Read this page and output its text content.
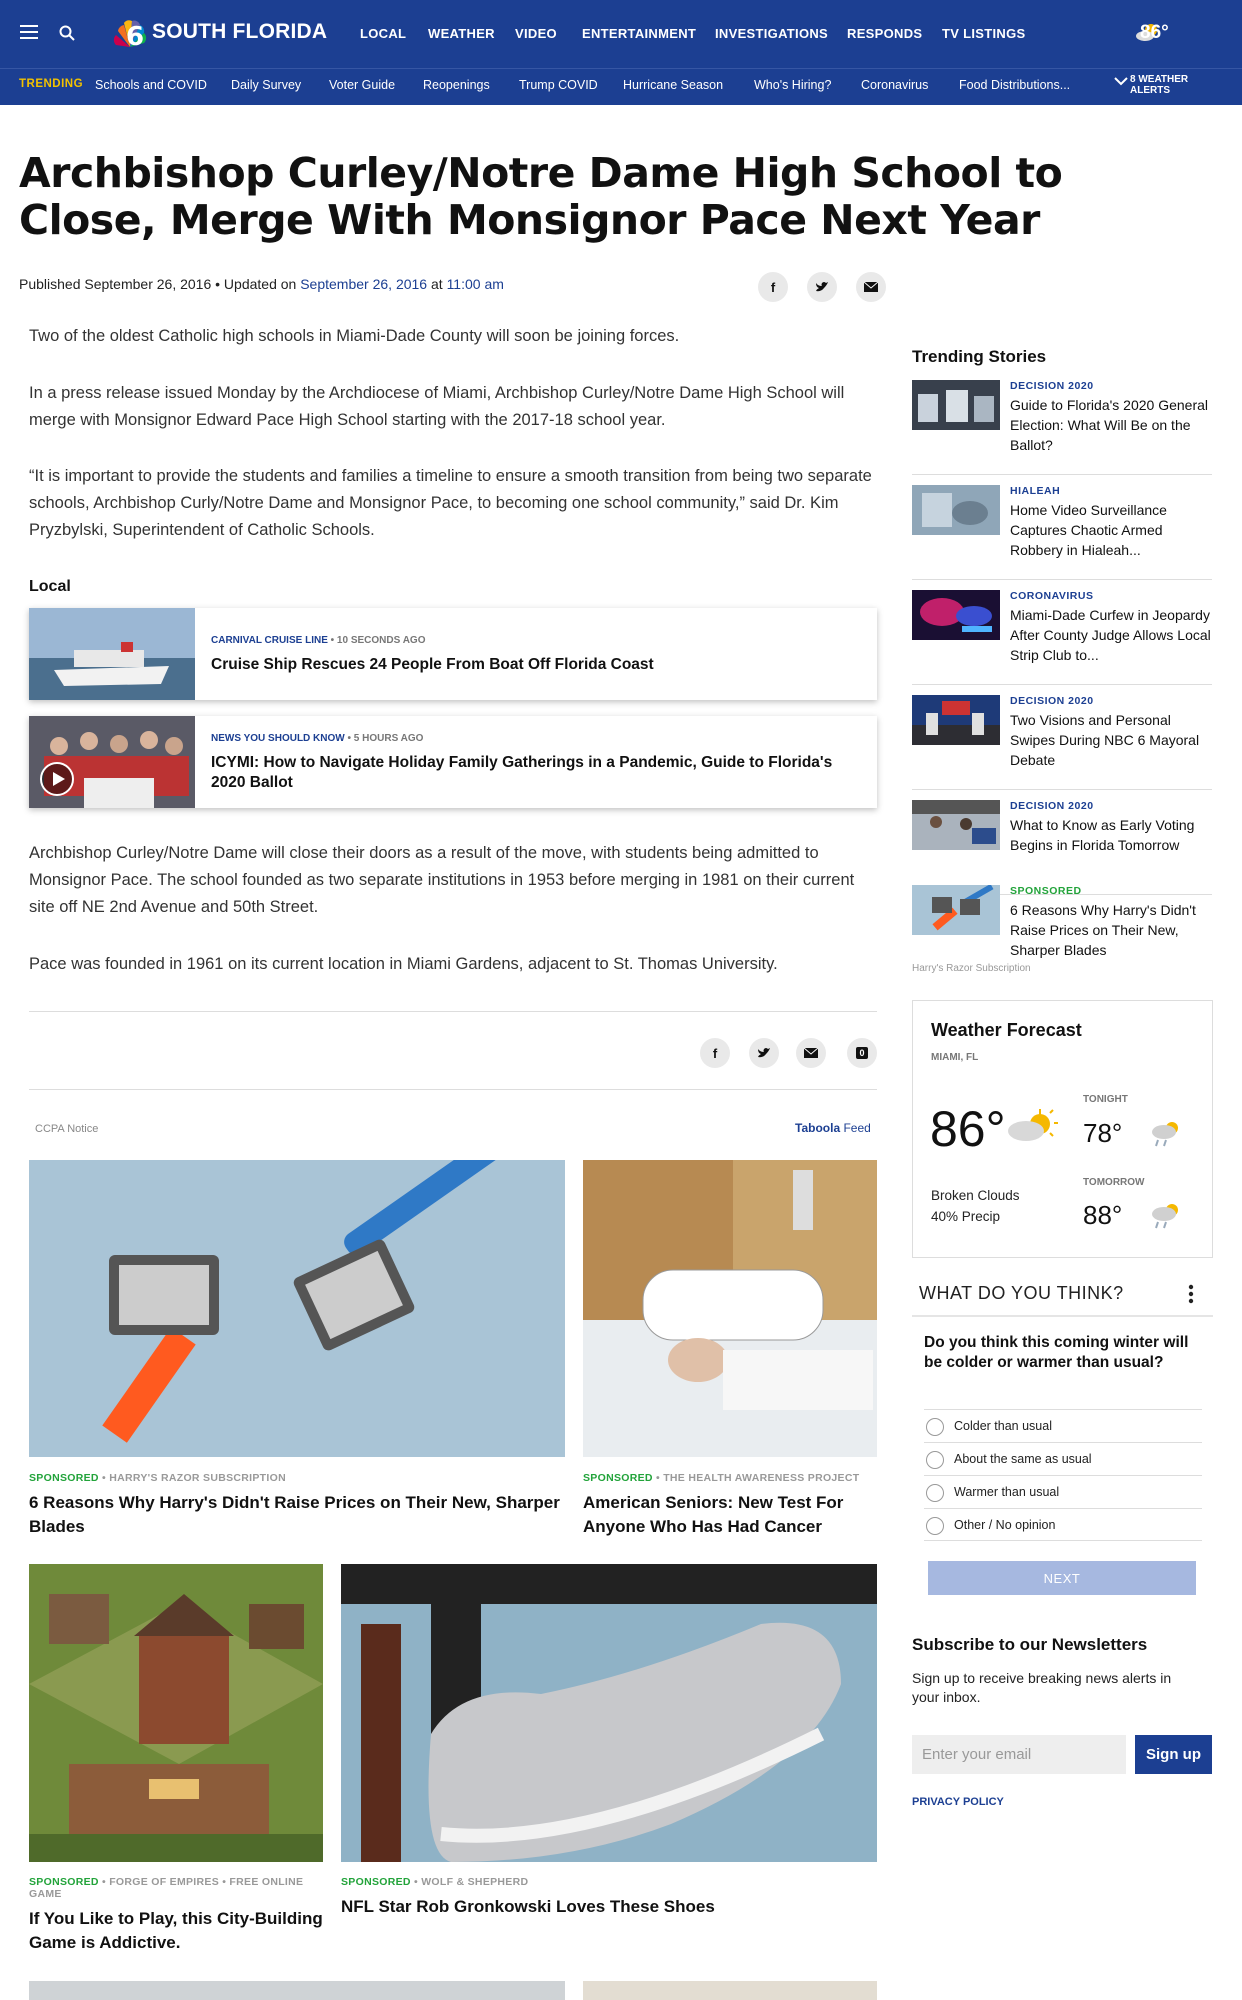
6 SOUTH FLORIDA	LOCAL WEATHER VIDEO ENTERTAINMENT INVESTIGATIONS RESPONDS TV LISTINGS	86°
TRENDING Schools and COVID Daily Survey Voter Guide Reopenings Trump COVID Hurricane Season Who's Hiring? Coronavirus Food Distributions...	8 WEATHER
ALERTS
Archbishop Curley/Notre Dame High School to Close, Merge With Monsignor Pace Next Year
Published September 26, 2016 • Updated on September 26, 2016 at 11:00 am	f

Two of the oldest Catholic high schools in Miami-Dade County will soon be joining forces.

In a press release issued Monday by the Archdiocese of Miami, Archbishop Curley/Notre Dame High School will merge with Monsignor Edward Pace High School starting with the 2017-18 school year.

“It is important to provide the students and families a timeline to ensure a smooth transition from being two separate schools, Archbishop Curly/Notre Dame and Monsignor Pace, to becoming one school community,” said Dr. Kim Pryzbylski, Superintendent of Catholic Schools.

Local
CARNIVAL CRUISE LINE • 10 SECONDS AGO
Cruise Ship Rescues 24 People From Boat Off Florida Coast
NEWS YOU SHOULD KNOW • 5 HOURS AGO
ICYMI: How to Navigate Holiday Family Gatherings in a Pandemic, Guide to Florida's 2020 Ballot

Archbishop Curley/Notre Dame will close their doors as a result of the move, with students being admitted to Monsignor Pace. The school founded as two separate institutions in 1953 before merging in 1981 on their current site off NE 2nd Avenue and 50th Street.

Pace was founded in 1961 on its current location in Miami Gardens, adjacent to St. Thomas University.

f	0
CCPA Notice	Taboola Feed
SPONSORED • HARRY'S RAZOR SUBSCRIPTION
6 Reasons Why Harry's Didn't Raise Prices on Their New, Sharper Blades
SPONSORED • THE HEALTH AWARENESS PROJECT
American Seniors: New Test For Anyone Who Has Had Cancer
SPONSORED • FORGE OF EMPIRES • FREE ONLINE GAME
If You Like to Play, this City-Building Game is Addictive.
SPONSORED • WOLF & SHEPHERD
NFL Star Rob Gronkowski Loves These Shoes
Trending Stories
DECISION 2020
Guide to Florida's 2020 General Election: What Will Be on the Ballot?
HIALEAH
Home Video Surveillance Captures Chaotic Armed Robbery in Hialeah...
CORONAVIRUS
Miami-Dade Curfew in Jeopardy After County Judge Allows Local Strip Club to...
DECISION 2020
Two Visions and Personal Swipes During NBC 6 Mayoral Debate
DECISION 2020
What to Know as Early Voting Begins in Florida Tomorrow
SPONSORED
6 Reasons Why Harry's Didn't Raise Prices on Their New, Sharper Blades
Harry's Razor Subscription
Weather Forecast
MIAMI, FL
86°
Broken Clouds
40% Precip
TONIGHT
78°
TOMORROW
88°
WHAT DO YOU THINK?
Do you think this coming winter will be colder or warmer than usual?
Colder than usual
About the same as usual
Warmer than usual
Other / No opinion
NEXT
Subscribe to our Newsletters
Sign up to receive breaking news alerts in your inbox.
Enter your email
Sign up
PRIVACY POLICY
